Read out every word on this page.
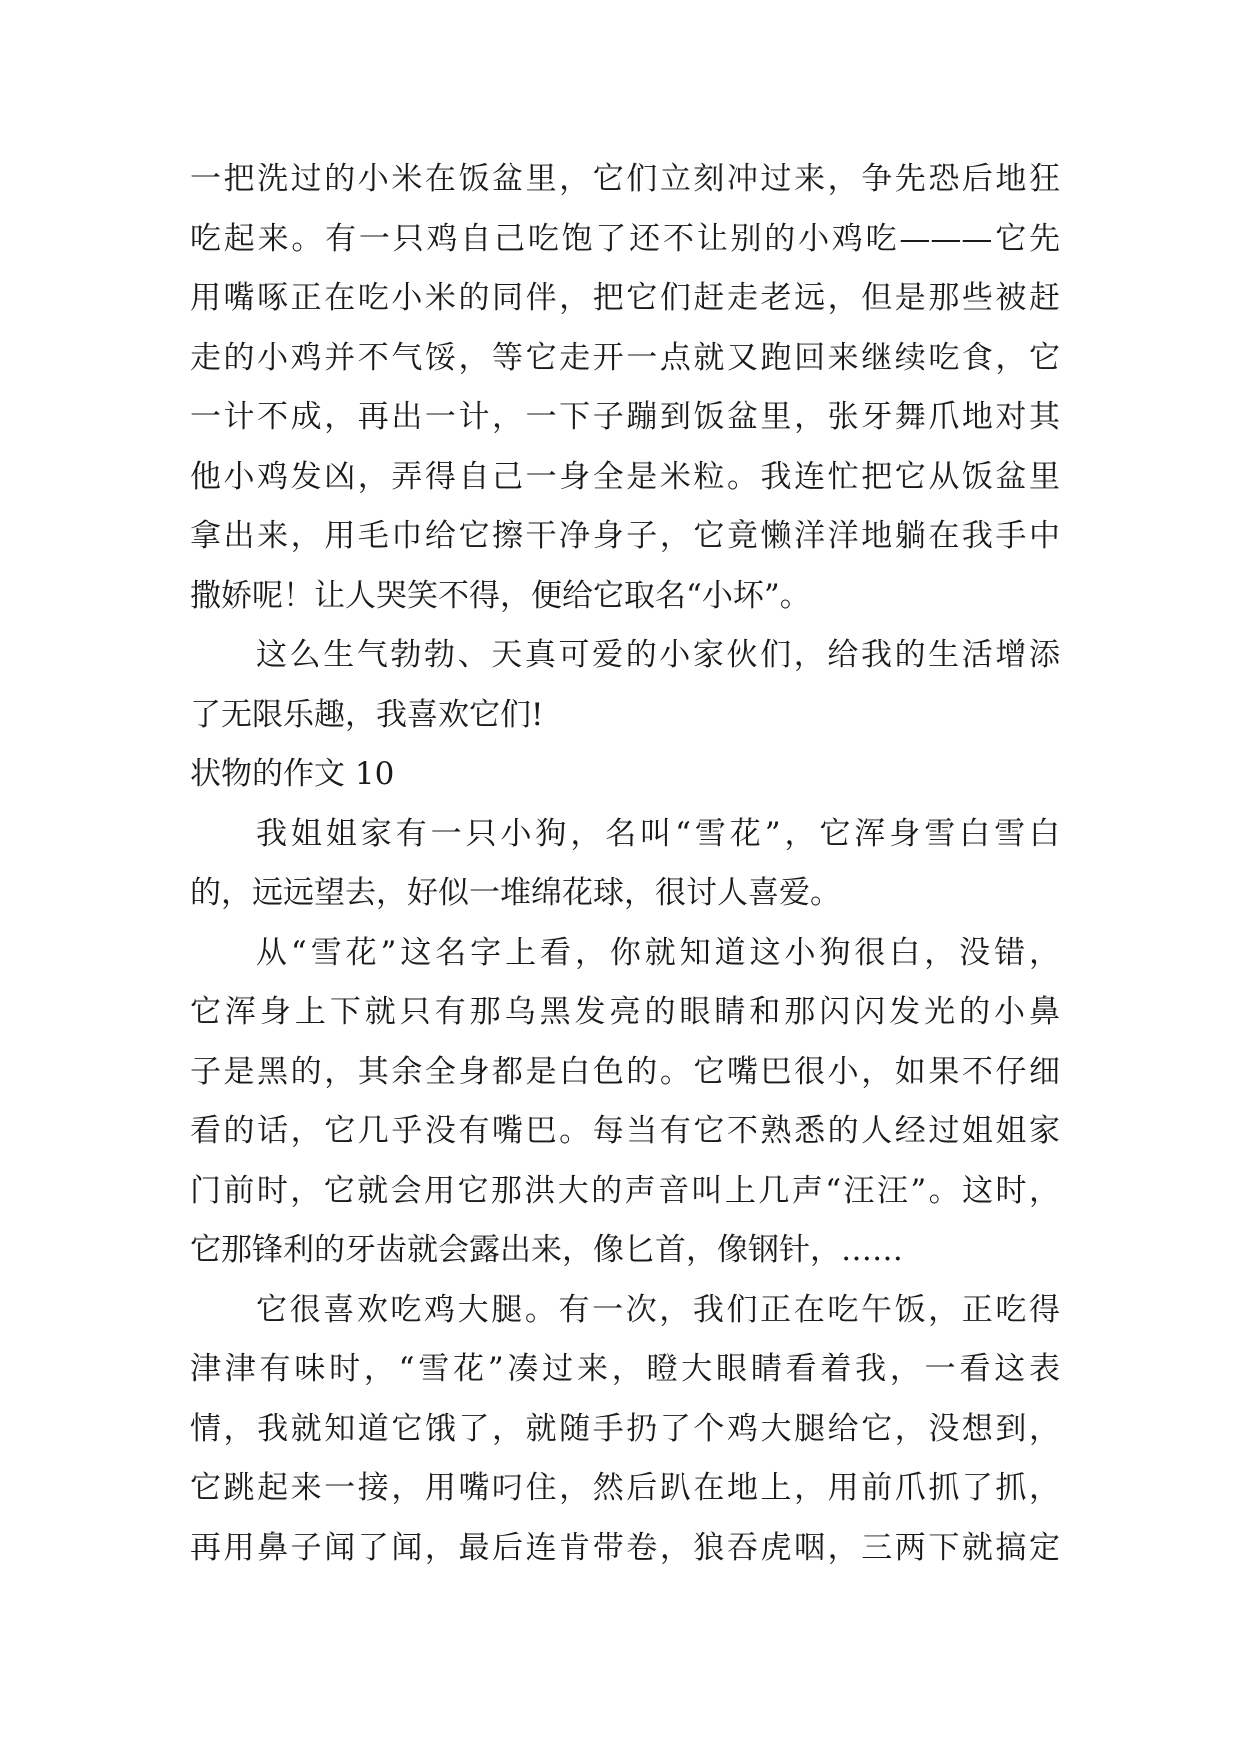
一把洗过的小米在饭盆里，它们立刻冲过来，争先恐后地狂
吃起来。有一只鸡自己吃饱了还不让别的小鸡吃———它先
用嘴啄正在吃小米的同伴，把它们赶走老远，但是那些被赶
走的小鸡并不气馁，等它走开一点就又跑回来继续吃食，它
一计不成，再出一计，一下子蹦到饭盆里，张牙舞爪地对其
他小鸡发凶，弄得自己一身全是米粒。我连忙把它从饭盆里
拿出来，用毛巾给它擦干净身子，它竟懒洋洋地躺在我手中
撒娇呢！让人哭笑不得，便给它取名“小坏”。
这么生气勃勃、天真可爱的小家伙们，给我的生活增添
了无限乐趣，我喜欢它们!
状物的作文 10
我姐姐家有一只小狗，名叫“雪花”，它浑身雪白雪白
的，远远望去，好似一堆绵花球，很讨人喜爱。
从“雪花”这名字上看，你就知道这小狗很白，没错，
它浑身上下就只有那乌黑发亮的眼睛和那闪闪发光的小鼻
子是黑的，其余全身都是白色的。它嘴巴很小，如果不仔细
看的话，它几乎没有嘴巴。每当有它不熟悉的人经过姐姐家
门前时，它就会用它那洪大的声音叫上几声“汪汪”。这时，
它那锋利的牙齿就会露出来，像匕首，像钢针，……
它很喜欢吃鸡大腿。有一次，我们正在吃午饭，正吃得
津津有味时，“雪花”凑过来，瞪大眼睛看着我，一看这表
情，我就知道它饿了，就随手扔了个鸡大腿给它，没想到，
它跳起来一接，用嘴叼住，然后趴在地上，用前爪抓了抓，
再用鼻子闻了闻，最后连肯带卷，狼吞虎咽，三两下就搞定
